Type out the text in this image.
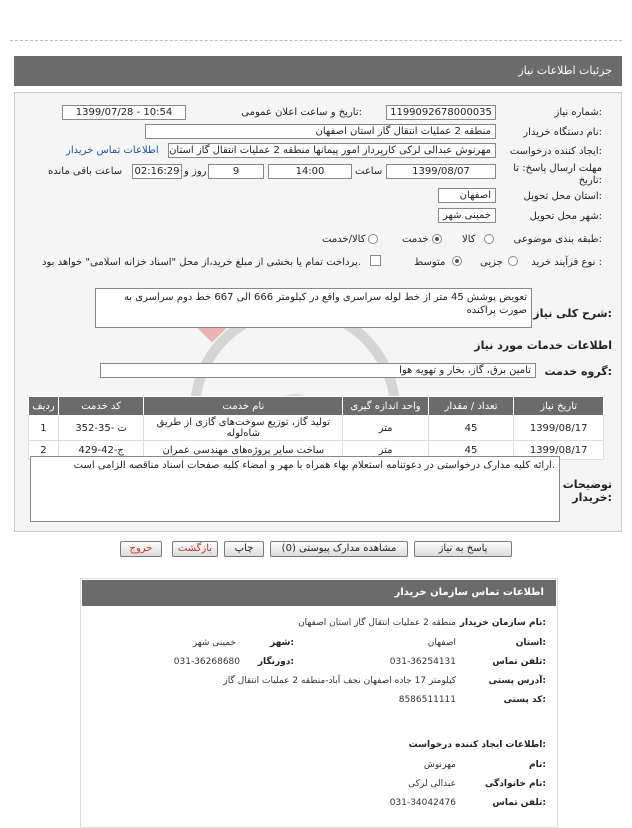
جزئیات اطلاعات نیاز
شماره نیاز:
1199092678000035
تاریخ و ساعت اعلان عمومی:
1399/07/28 - 10:54
نام دستگاه خریدار:
منطقه 2 عملیات انتقال گاز استان اصفهان
ایجاد کننده درخواست:
مهرنوش عبدالی لرکی کارپرداز امور پیمانها منطقه 2 عملیات انتقال گاز استان
اطلاعات تماس خریدار
مهلت ارسال پاسخ: تا تاریخ:
1399/08/07
ساعت
14:00
9
روز و
02:16:29
ساعت باقی مانده
استان محل تحویل:
اصفهان
شهر محل تحویل:
خمینی شهر
طبقه بندی موضوعی:
کالا
خدمت
کالا/خدمت
نوع فرآیند خرید :
جزیی
متوسط
پرداخت تمام یا بخشی از مبلغ خرید،از محل "اسناد خزانه اسلامی" خواهد بود.
شرح کلی نیاز:
تعویض پوشش 45 متر از خط لوله سراسری واقع در کیلومتر 666 الی 667 خط دوم سراسری به صورت پراکنده
اطلاعات خدمات مورد نیاز
گروه خدمت:
تامین برق، گاز، بخار و تهویه هوا
ردیف	کد خدمت	نام خدمت	واحد اندازه گیری	تعداد / مقدار	تاریخ نیاز
1	ت -35-352	تولید گاز، توزیع سوخت‌های گازی از طریق شاه‌لوله	متر	45	1399/08/17
2	ج-42-429	ساخت سایر پروژه‌های مهندسی عمران	متر	45	1399/08/17
توضیحات خریدار:
ارائه کلیه مدارک درخواستی در دعوتنامه استعلام بهاء همراه با مهر و امضاء کلیه صفحات اسناد مناقصه الزامی است.
پاسخ به نیاز
مشاهده مدارک پیوستی (0)
چاپ
بازگشت
خروج
اطلاعات تماس سازمان خریدار
نام سازمان خریدار:
منطقه 2 عملیات انتقال گاز استان اصفهان
استان:
اصفهان
شهر:
خمینی شهر
تلفن تماس:
031-36254131
دورنگار:
031-36268680
آدرس پستی:
کیلومتر 17 جاده اصفهان نجف آباد-منطقه 2 عملیات انتقال گاز
کد پستی:
8586511111
اطلاعات ایجاد کننده درخواست:
نام:
مهرنوش
نام خانوادگی:
عبدالی لرکی
تلفن تماس:
031-34042476
